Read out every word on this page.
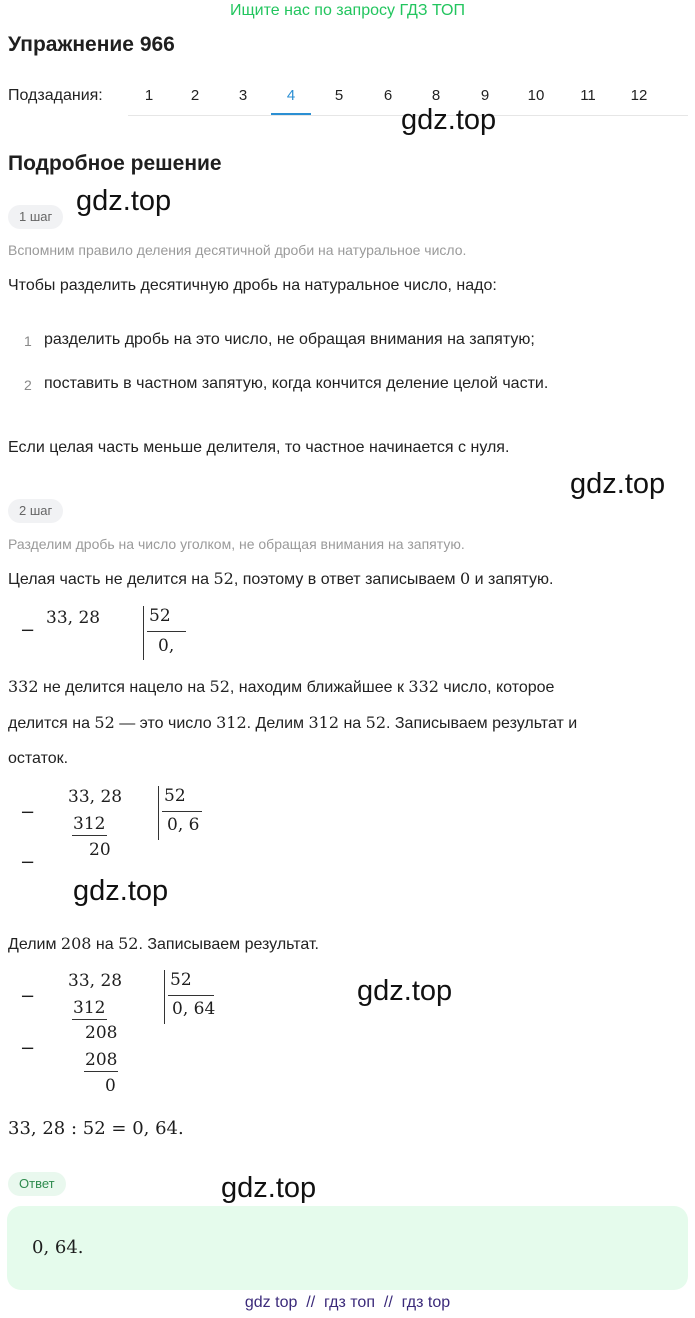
Ищите нас по запросу ГДЗ ТОП
Упражнение 966
Подзадания:	1	2	3	4	5	6	8	9	10	11	12
gdz.top
Подробное решение
gdz.top
1 шаг
Вспомним правило деления десятичной дроби на натуральное число.
Чтобы разделить десятичную дробь на натуральное число, надо:
1 разделить дробь на это число, не обращая внимания на запятую;
2 поставить в частном запятую, когда кончится деление целой части.
Если целая часть меньше делителя, то частное начинается с нуля.
gdz.top
2 шаг
Разделим дробь на число уголком, не обращая внимания на запятую.
Целая часть не делится на 52, поэтому в ответ записываем 0 и запятую.
−
33, 28	52
0,
332 не делится нацело на 52, находим ближайшее к 332 число, которое
делится на 52 — это число 312. Делим 312 на 52. Записываем результат и
остаток.
−
−
33, 28
312
20
52
0, 6
gdz.top
Делим 208 на 52. Записываем результат.
−
−
33, 28
312
208
208
0
52
0, 64
gdz.top
33, 28 : 52 = 0, 64.
Ответ	gdz.top
0, 64.
gdz top  //  гдз топ  //  гдз top
